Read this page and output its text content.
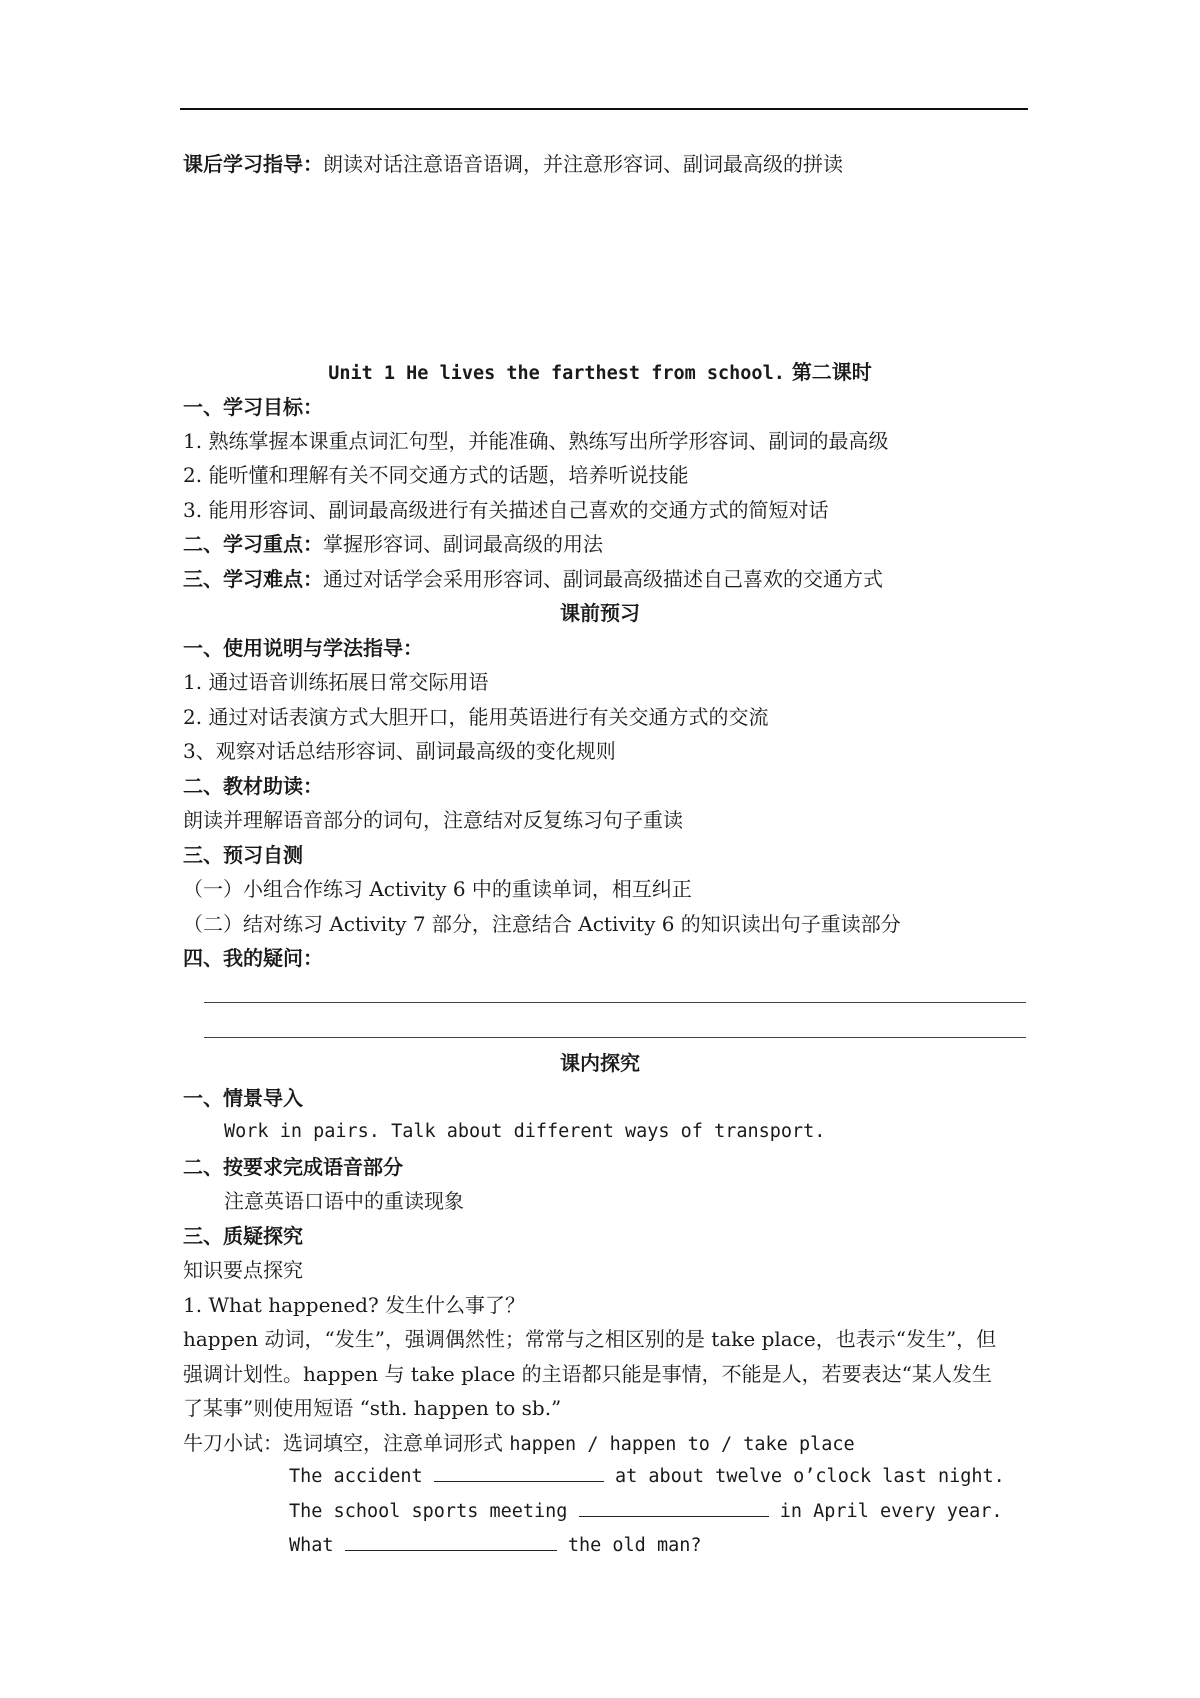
课后学习指导：朗读对话注意语音语调，并注意形容词、副词最高级的拼读
Unit 1 He lives the farthest from school. 第二课时
一、学习目标：
1. 熟练掌握本课重点词汇句型，并能准确、熟练写出所学形容词、副词的最高级
2. 能听懂和理解有关不同交通方式的话题，培养听说技能
3. 能用形容词、副词最高级进行有关描述自己喜欢的交通方式的简短对话
二、学习重点：掌握形容词、副词最高级的用法
三、学习难点：通过对话学会采用形容词、副词最高级描述自己喜欢的交通方式
课前预习
一、使用说明与学法指导：
1. 通过语音训练拓展日常交际用语
2. 通过对话表演方式大胆开口，能用英语进行有关交通方式的交流
3、观察对话总结形容词、副词最高级的变化规则
二、教材助读：
朗读并理解语音部分的词句，注意结对反复练习句子重读
三、预习自测
（一）小组合作练习 Activity 6 中的重读单词，相互纠正
（二）结对练习 Activity 7 部分，注意结合 Activity 6 的知识读出句子重读部分
四、我的疑问：
课内探究
一、情景导入
Work in pairs. Talk about different ways of transport.
二、按要求完成语音部分
注意英语口语中的重读现象
三、质疑探究
知识要点探究
1. What happened? 发生什么事了？
happen 动词，“发生”，强调偶然性；常常与之相区别的是 take place，也表示“发生”，但
强调计划性。happen 与 take place 的主语都只能是事情，不能是人，若要表达“某人发生
了某事”则使用短语 “sth. happen to sb.”
牛刀小试：选词填空，注意单词形式 happen / happen to / take place
The accident	at about twelve o’clock last night.
The school sports meeting	in April every year.
What	the old man?
